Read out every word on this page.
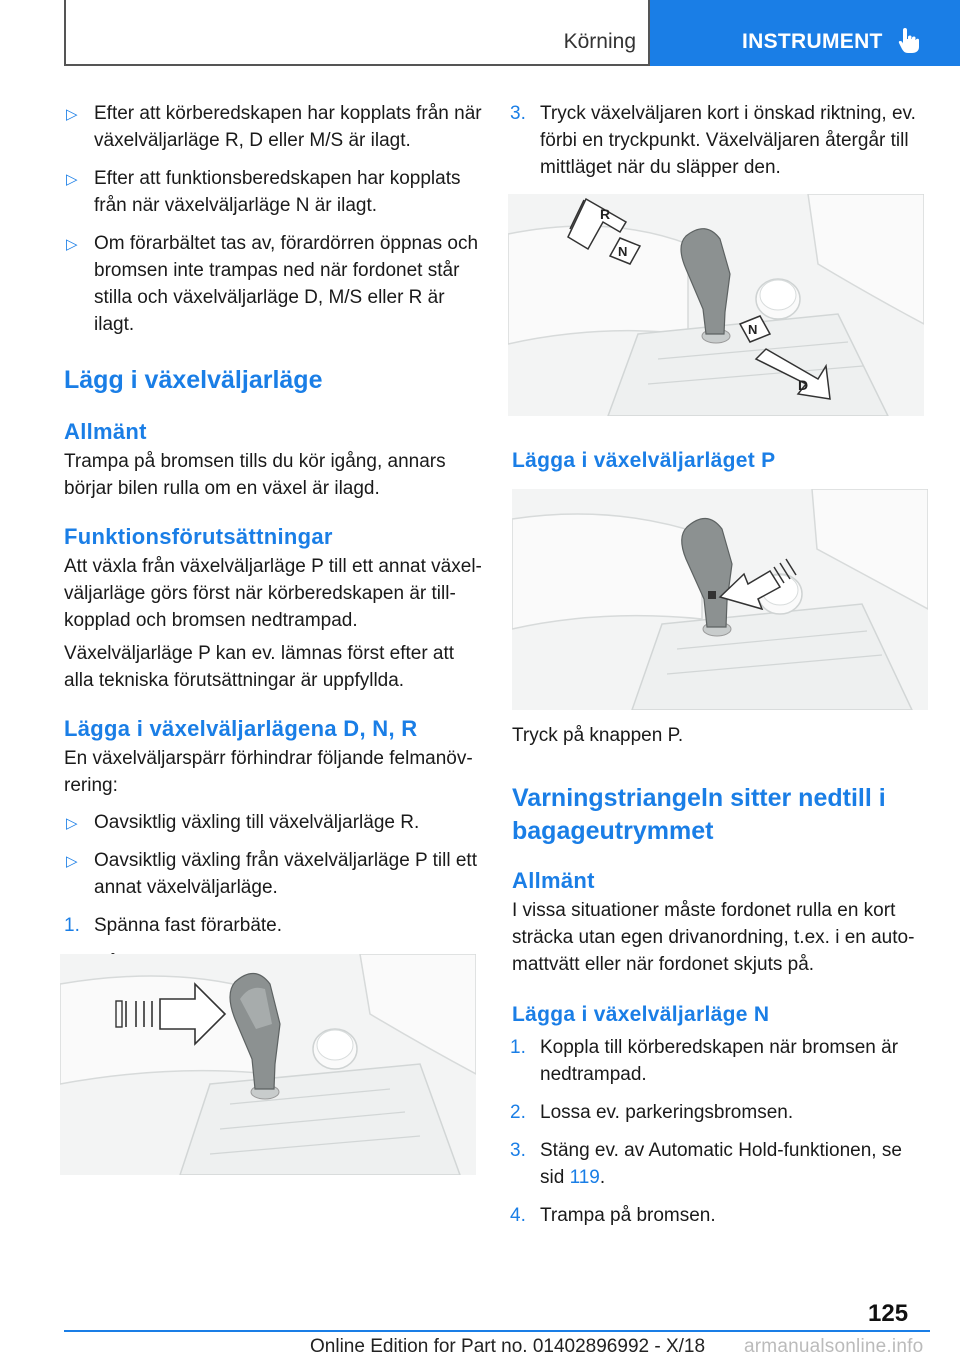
Körning	INSTRUMENT
▷ Efter att körberedskapen har kopplats från när växelväljarläge R, D eller M/S är ilagt.
▷ Efter att funktionsberedskapen har kopplats från när växelväljarläge N är ilagt.
▷ Om förarbältet tas av, förardörren öppnas och bromsen inte trampas ned när fordonet står stilla och växelväljarläge D, M/S eller R är ilagt.
Lägg i växelväljarläge
Allmänt
Trampa på bromsen tills du kör igång, annars börjar bilen rulla om en växel är ilagd.
Funktionsförutsättningar
Att växla från växelväljarläge P till ett annat växelväljarläge görs först när körberedskapen är tillkopplad och bromsen nedtrampad.
Växelväljarläge P kan ev. lämnas först efter att alla tekniska förutsättningar är uppfyllda.
Lägga i växelväljarlägena D, N, R
En växelväljarspärr förhindrar följande felmanövrering:
▷ Oavsiktlig växling till växelväljarläge R.
▷ Oavsiktlig växling från växelväljarläge P till ett annat växelväljarläge.
1. Spänna fast förarbäte.
3. Tryck växelväljaren kort i önskad riktning, ev. förbi en tryckpunkt. Växelväljaren återgår till mittläget när du släpper den.
R
N
N
D
Lägga i växelväljarläget P
Tryck på knappen P.
Varningstriangeln sitter nedtill i bagageutrymmet
Allmänt
I vissa situationer måste fordonet rulla en kort sträcka utan egen drivanordning, t.ex. i en automattvätt eller när fordonet skjuts på.
Lägga i växelväljarläge N
1. Koppla till körberedskapen när bromsen är nedtrampad.
2. Lossa ev. parkeringsbromsen.
3. Stäng ev. av Automatic Hold-funktionen, se sid 119.
4. Trampa på bromsen.
125
Online Edition for Part no. 01402896992 - X/18 armanualsonline.info
